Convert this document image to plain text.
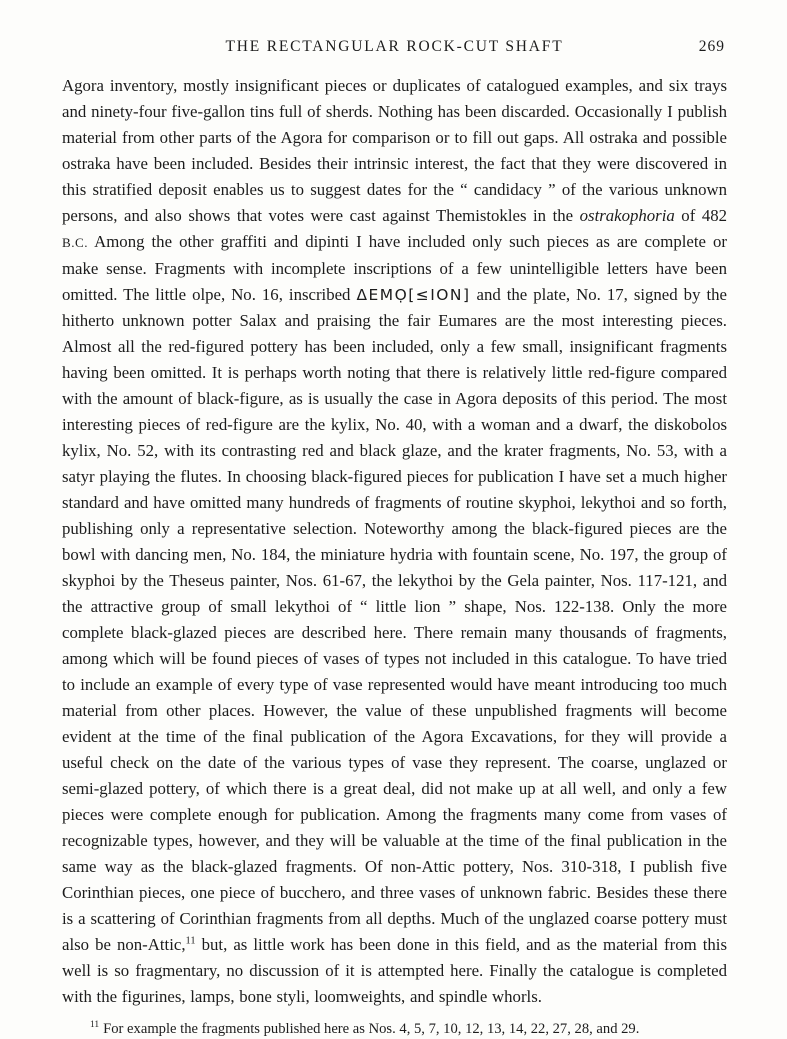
THE RECTANGULAR ROCK-CUT SHAFT	269

Agora inventory, mostly insignificant pieces or duplicates of catalogued examples, and six trays and ninety-four five-gallon tins full of sherds. Nothing has been discarded. Occasionally I publish material from other parts of the Agora for comparison or to fill out gaps. All ostraka and possible ostraka have been included. Besides their intrinsic interest, the fact that they were discovered in this stratified deposit enables us to suggest dates for the “ candidacy ” of the various unknown persons, and also shows that votes were cast against Themistokles in the ostrakophoria of 482 B.C. Among the other graffiti and dipinti I have included only such pieces as are complete or make sense. Fragments with incomplete inscriptions of a few unintelligible letters have been omitted. The little olpe, No. 16, inscribed ΔEMỌ[≤ION] and the plate, No. 17, signed by the hitherto unknown potter Salax and praising the fair Eumares are the most interesting pieces. Almost all the red-figured pottery has been included, only a few small, insignificant fragments having been omitted. It is perhaps worth noting that there is relatively little red-figure compared with the amount of black-figure, as is usually the case in Agora deposits of this period. The most interesting pieces of red-figure are the kylix, No. 40, with a woman and a dwarf, the diskobolos kylix, No. 52, with its contrasting red and black glaze, and the krater fragments, No. 53, with a satyr playing the flutes. In choosing black-figured pieces for publication I have set a much higher standard and have omitted many hundreds of fragments of routine skyphoi, lekythoi and so forth, publishing only a representative selection. Noteworthy among the black-figured pieces are the bowl with dancing men, No. 184, the miniature hydria with fountain scene, No. 197, the group of skyphoi by the Theseus painter, Nos. 61-67, the lekythoi by the Gela painter, Nos. 117-121, and the attractive group of small lekythoi of “ little lion ” shape, Nos. 122-138. Only the more complete black-glazed pieces are described here. There remain many thousands of fragments, among which will be found pieces of vases of types not included in this catalogue. To have tried to include an example of every type of vase represented would have meant introducing too much material from other places. However, the value of these unpublished fragments will become evident at the time of the final publication of the Agora Excavations, for they will provide a useful check on the date of the various types of vase they represent. The coarse, unglazed or semi-glazed pottery, of which there is a great deal, did not make up at all well, and only a few pieces were complete enough for publication. Among the fragments many come from vases of recognizable types, however, and they will be valuable at the time of the final publication in the same way as the black-glazed fragments. Of non-Attic pottery, Nos. 310-318, I publish five Corinthian pieces, one piece of bucchero, and three vases of unknown fabric. Besides these there is a scattering of Corinthian fragments from all depths. Much of the unglazed coarse pottery must also be non-Attic,$^{11}$ but, as little work has been done in this field, and as the material from this well is so fragmentary, no discussion of it is attempted here. Finally the catalogue is completed with the figurines, lamps, bone styli, loomweights, and spindle whorls.

$^{11}$ For example the fragments published here as Nos. 4, 5, 7, 10, 12, 13, 14, 22, 27, 28, and 29.
